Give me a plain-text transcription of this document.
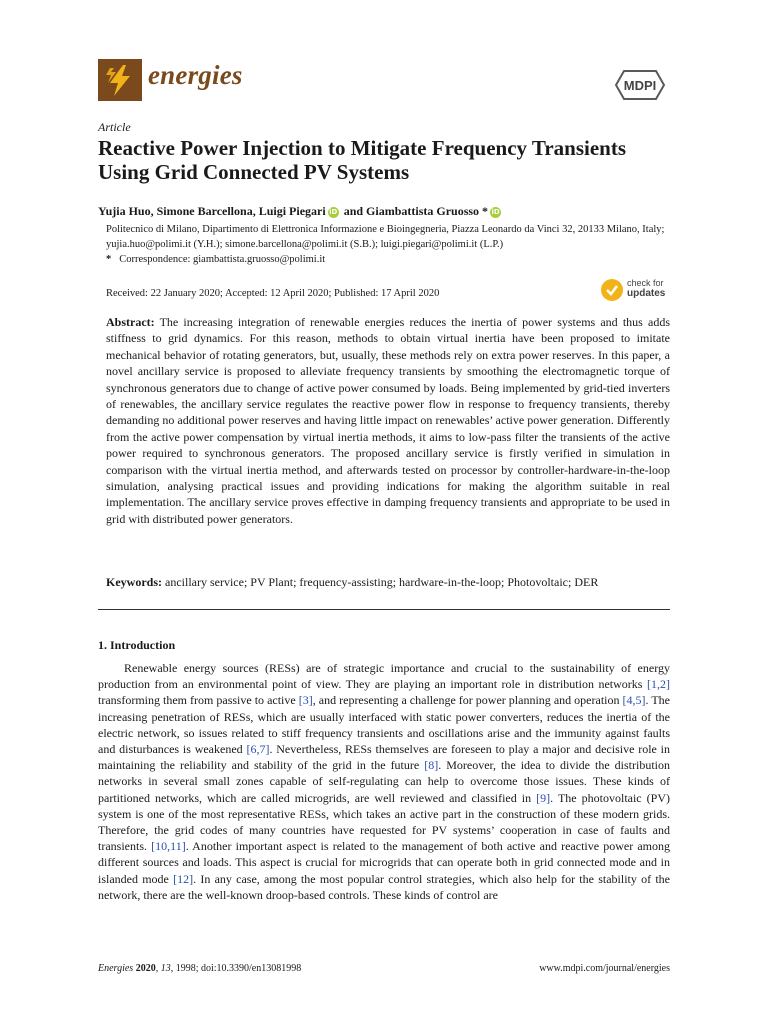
energies	MDPI
Article
Reactive Power Injection to Mitigate Frequency Transients Using Grid Connected PV Systems
Yujia Huo, Simone Barcellona, Luigi Piegari iD and Giambattista Gruosso * iD
Politecnico di Milano, Dipartimento di Elettronica Informazione e Bioingegneria, Piazza Leonardo da Vinci 32, 20133 Milano, Italy; yujia.huo@polimi.it (Y.H.); simone.barcellona@polimi.it (S.B.); luigi.piegari@polimi.it (L.P.)
* Correspondence: giambattista.gruosso@polimi.it
Received: 22 January 2020; Accepted: 12 April 2020; Published: 17 April 2020
check for
updates
Abstract: The increasing integration of renewable energies reduces the inertia of power systems and thus adds stiffness to grid dynamics. For this reason, methods to obtain virtual inertia have been proposed to imitate mechanical behavior of rotating generators, but, usually, these methods rely on extra power reserves. In this paper, a novel ancillary service is proposed to alleviate frequency transients by smoothing the electromagnetic torque of synchronous generators due to change of active power consumed by loads. Being implemented by grid-tied inverters of renewables, the ancillary service regulates the reactive power flow in response to frequency transients, thereby demanding no additional power reserves and having little impact on renewables’ active power generation. Differently from the active power compensation by virtual inertia methods, it aims to low-pass filter the transients of the active power required to synchronous generators. The proposed ancillary service is firstly verified in simulation in comparison with the virtual inertia method, and afterwards tested on processor by controller-hardware-in-the-loop simulation, analysing practical issues and providing indications for making the algorithm suitable in real implementation. The ancillary service proves effective in damping frequency transients and appropriate to be used in grid with distributed power generators.
Keywords: ancillary service; PV Plant; frequency-assisting; hardware-in-the-loop; Photovoltaic; DER
1. Introduction
Renewable energy sources (RESs) are of strategic importance and crucial to the sustainability of energy production from an environmental point of view. They are playing an important role in distribution networks [1,2] transforming them from passive to active [3], and representing a challenge for power planning and operation [4,5]. The increasing penetration of RESs, which are usually interfaced with static power converters, reduces the inertia of the electric network, so issues related to stiff frequency transients and oscillations arise and the immunity against faults and disturbances is weakened [6,7]. Nevertheless, RESs themselves are foreseen to play a major and decisive role in maintaining the reliability and stability of the grid in the future [8]. Moreover, the idea to divide the distribution networks in several small zones capable of self-regulating can help to overcome those issues. These kinds of partitioned networks, which are called microgrids, are well reviewed and classified in [9]. The photovoltaic (PV) system is one of the most representative RESs, which takes an active part in the construction of these modern grids. Therefore, the grid codes of many countries have requested for PV systems’ cooperation in case of faults and transients. [10,11]. Another important aspect is related to the management of both active and reactive power among different sources and loads. This aspect is crucial for microgrids that can operate both in grid connected mode and in islanded mode [12]. In any case, among the most popular control strategies, which also help for the stability of the network, there are the well-known droop-based controls. These kinds of control are
Energies 2020, 13, 1998; doi:10.3390/en13081998	www.mdpi.com/journal/energies
